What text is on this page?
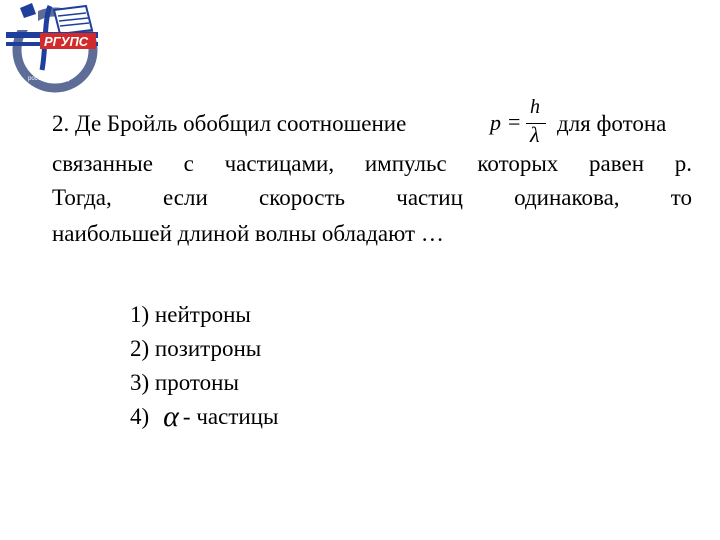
РГУПС
ростов-на-дону
2. Де Бройль обобщил соотношение	p =
h
λ для фотона
связанные с частицами, импульс которых равен р.
Тогда, если скорость частиц одинакова, то
наибольшей длиной волны обладают …
1)
нейтроны
2)
позитроны
3)
протоны
4) α - частицы
